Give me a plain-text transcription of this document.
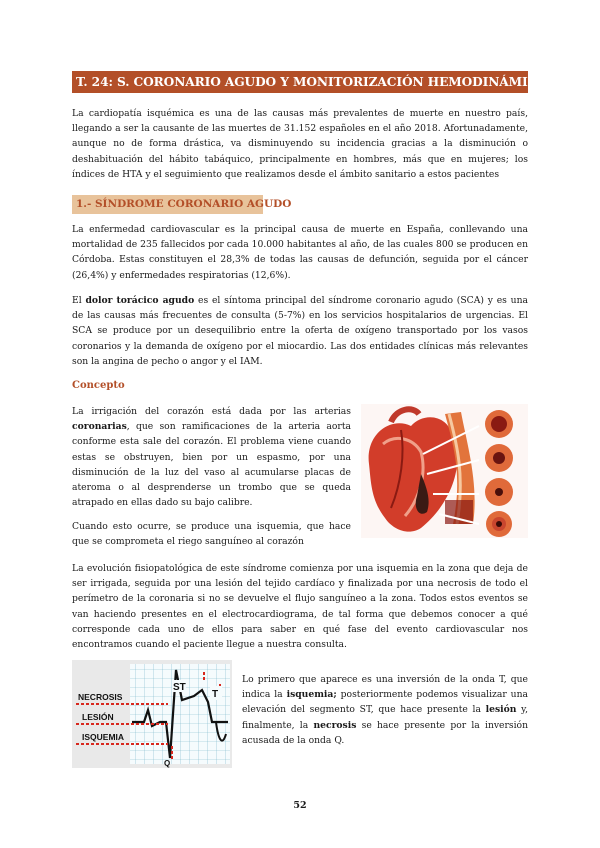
T. 24: S. CORONARIO AGUDO Y MONITORIZACIÓN HEMODINÁMICA

La cardiopatía isquémica es una de las causas más prevalentes de muerte en nuestro país, llegando a ser la causante de las muertes de 31.152 españoles en el año 2018. Afortunadamente, aunque no de forma drástica, va disminuyendo su incidencia gracias a la disminución o deshabituación del hábito tabáquico, principalmente en hombres, más que en mujeres; los índices de HTA y el seguimiento que realizamos desde el ámbito sanitario a estos pacientes

1.- SÍNDROME CORONARIO AGUDO

La enfermedad cardiovascular es la principal causa de muerte en España, conllevando una mortalidad de 235 fallecidos por cada 10.000 habitantes al año, de las cuales 800 se producen en Córdoba. Estas constituyen el 28,3% de todas las causas de defunción, seguida por el cáncer (26,4%) y enfermedades respiratorias (12,6%).

El dolor torácico agudo es el síntoma principal del síndrome coronario agudo (SCA) y es una de las causas más frecuentes de consulta (5-7%) en los servicios hospitalarios de urgencias. El SCA se produce por un desequilibrio entre la oferta de oxígeno transportado por los vasos coronarios y la demanda de oxígeno por el miocardio. Las dos entidades clínicas más relevantes son la angina de pecho o angor y el IAM.

Concepto

La irrigación del corazón está dada por las arterias coronarias, que son ramificaciones de la arteria aorta conforme esta sale del corazón. El problema viene cuando estas se obstruyen, bien por un espasmo, por una disminución de la luz del vaso al acumularse placas de ateroma o al desprenderse un trombo que se queda atrapado en ellas dado su bajo calibre.

Cuando esto ocurre, se produce una isquemia, que hace que se comprometa el riego sanguíneo al corazón

La evolución fisiopatológica de este síndrome comienza por una isquemia en la zona que deja de ser irrigada, seguida por una lesión del tejido cardíaco y finalizada por una necrosis de todo el perímetro de la coronaria si no se devuelve el flujo sanguíneo a la zona. Todos estos eventos se van haciendo presentes en el electrocardiograma, de tal forma que debemos conocer a qué corresponde cada uno de ellos para saber en qué fase del evento cardiovascular nos encontramos cuando el paciente llegue a nuestra consulta.

NECROSIS
LESIÓN
ISQUEMIA
Q
ST
T

Lo primero que aparece es una inversión de la onda T, que indica la isquemia; posteriormente podemos visualizar una elevación del segmento ST, que hace presente la lesión y, finalmente, la necrosis se hace presente por la inversión acusada de la onda Q.

52
